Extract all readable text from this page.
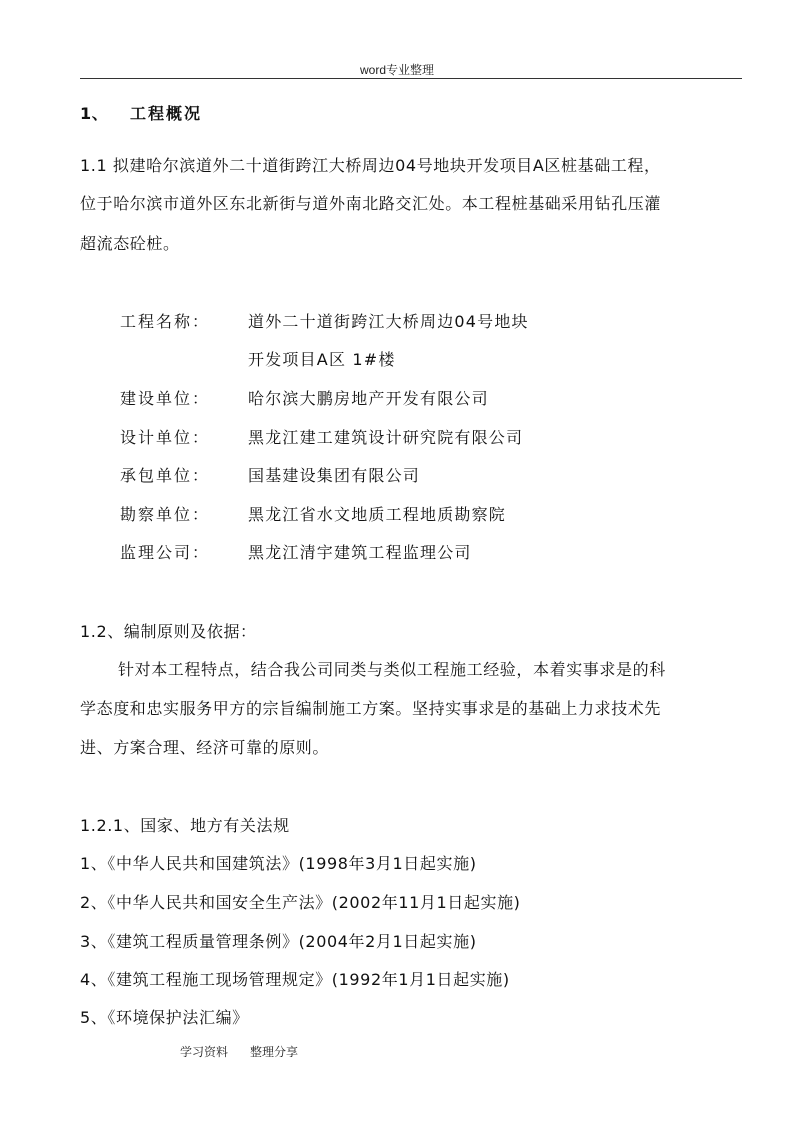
word专业整理
1、 工程概况
1.1 拟建哈尔滨道外二十道街跨江大桥周边04号地块开发项目A区桩基础工程，
位于哈尔滨市道外区东北新街与道外南北路交汇处。本工程桩基础采用钻孔压灌
超流态砼桩。
工程名称： 道外二十道街跨江大桥周边04号地块
开发项目A区 1#楼
建设单位： 哈尔滨大鹏房地产开发有限公司
设计单位： 黑龙江建工建筑设计研究院有限公司
承包单位： 国基建设集团有限公司
勘察单位： 黑龙江省水文地质工程地质勘察院
监理公司： 黑龙江清宇建筑工程监理公司
1.2、编制原则及依据：
针对本工程特点，结合我公司同类与类似工程施工经验，本着实事求是的科
学态度和忠实服务甲方的宗旨编制施工方案。坚持实事求是的基础上力求技术先
进、方案合理、经济可靠的原则。
1.2.1、国家、地方有关法规
1、《中华人民共和国建筑法》(1998年3月1日起实施)
2、《中华人民共和国安全生产法》(2002年11月1日起实施)
3、《建筑工程质量管理条例》(2004年2月1日起实施)
4、《建筑工程施工现场管理规定》(1992年1月1日起实施)
5、《环境保护法汇编》
学习资料 整理分享
